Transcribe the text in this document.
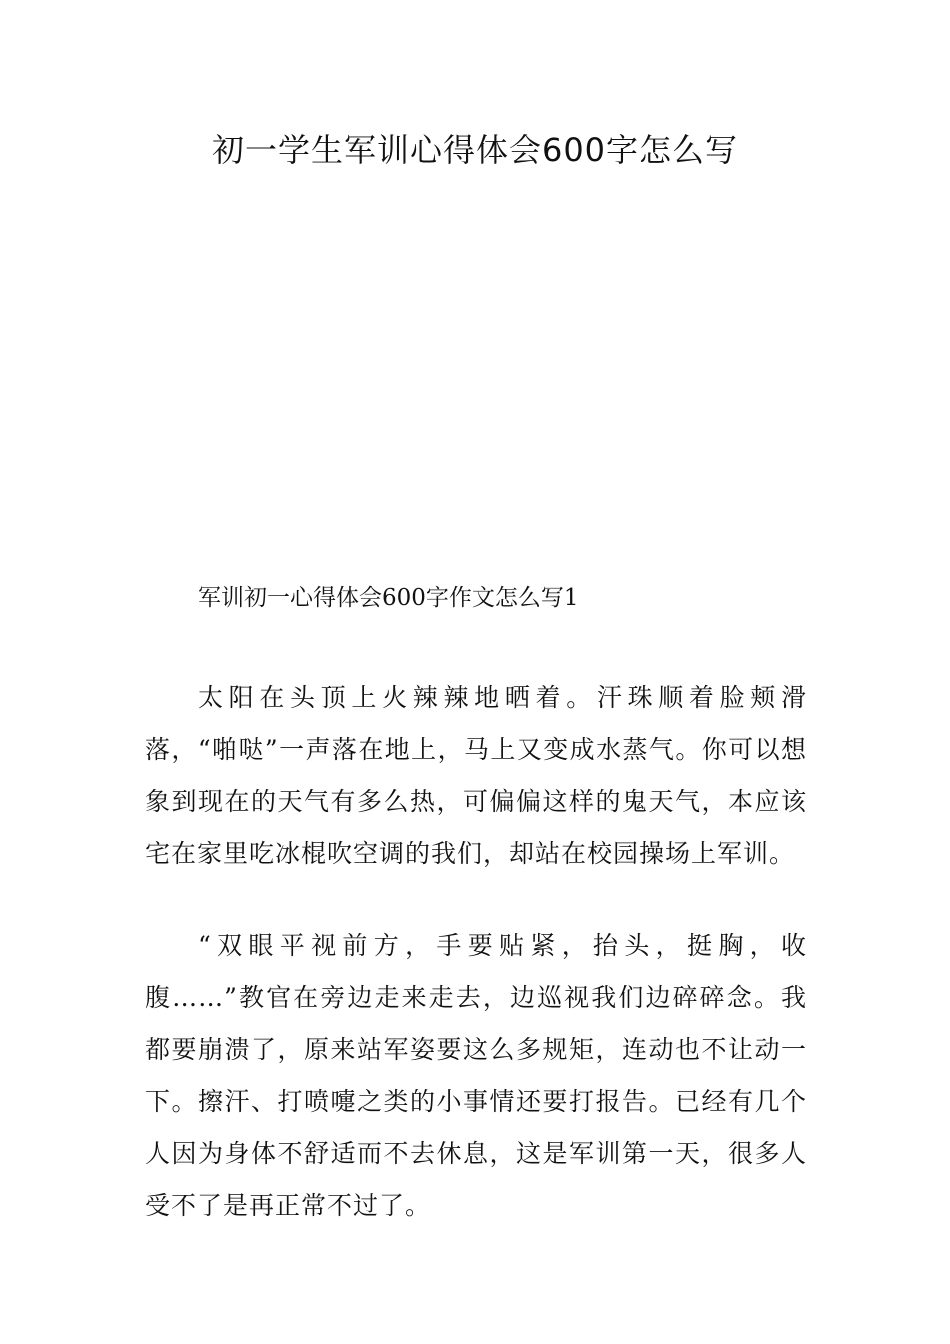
初一学生军训心得体会600字怎么写

军训初一心得体会600字作文怎么写1

太阳在头顶上火辣辣地晒着。汗珠顺着脸颊滑落，“啪哒”一声落在地上，马上又变成水蒸气。你可以想象到现在的天气有多么热，可偏偏这样的鬼天气，本应该宅在家里吃冰棍吹空调的我们，却站在校园操场上军训。

“双眼平视前方，手要贴紧，抬头，挺胸，收腹……”教官在旁边走来走去，边巡视我们边碎碎念。我都要崩溃了，原来站军姿要这么多规矩，连动也不让动一下。擦汗、打喷嚏之类的小事情还要打报告。已经有几个人因为身体不舒适而不去休息，这是军训第一天，很多人受不了是再正常不过了。
